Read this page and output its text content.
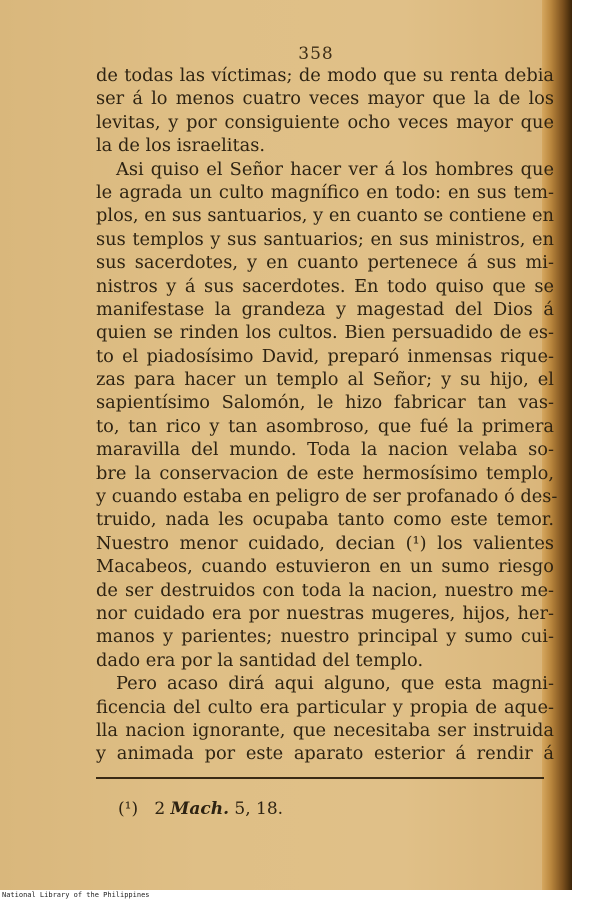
358
de todas las víctimas; de modo que su renta debia
ser á lo menos cuatro veces mayor que la de los
levitas, y por consiguiente ocho veces mayor que
la de los israelitas.
Asi quiso el Señor hacer ver á los hombres que
le agrada un culto magnífico en todo: en sus tem-
plos, en sus santuarios, y en cuanto se contiene en
sus templos y sus santuarios; en sus ministros, en
sus sacerdotes, y en cuanto pertenece á sus mi-
nistros y á sus sacerdotes. En todo quiso que se
manifestase la grandeza y magestad del Dios á
quien se rinden los cultos. Bien persuadido de es-
to el piadosísimo David, preparó inmensas rique-
zas para hacer un templo al Señor; y su hijo, el
sapientísimo Salomón, le hizo fabricar tan vas-
to, tan rico y tan asombroso, que fué la primera
maravilla del mundo. Toda la nacion velaba so-
bre la conservacion de este hermosísimo templo,
y cuando estaba en peligro de ser profanado ó des-
truido, nada les ocupaba tanto como este temor.
Nuestro menor cuidado, decian (¹) los valientes
Macabeos, cuando estuvieron en un sumo riesgo
de ser destruidos con toda la nacion, nuestro me-
nor cuidado era por nuestras mugeres, hijos, her-
manos y parientes; nuestro principal y sumo cui-
dado era por la santidad del templo.
Pero acaso dirá aqui alguno, que esta magni-
ficencia del culto era particular y propia de aque-
lla nacion ignorante, que necesitaba ser instruida
y animada por este aparato esterior á rendir á
(¹) 2 Mach. 5, 18.
National Library of the Philippines
